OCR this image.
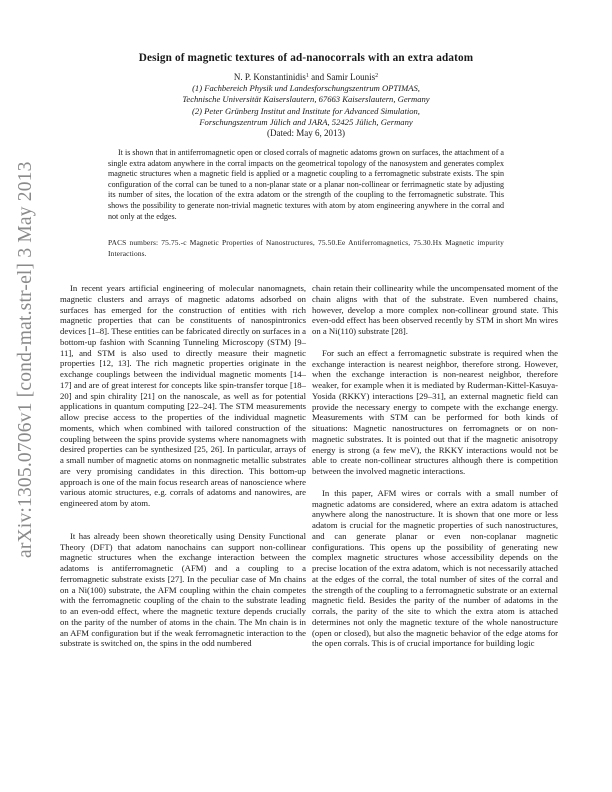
arXiv:1305.0706v1 [cond-mat.str-el] 3 May 2013
Design of magnetic textures of ad-nanocorrals with an extra adatom
N. P. Konstantinidis$^1$ and Samir Lounis$^2$
(1) Fachbereich Physik und Landesforschungszentrum OPTIMAS,
Technische Universität Kaiserslautern, 67663 Kaiserslautern, Germany
(2) Peter Grünberg Institut and Institute for Advanced Simulation,
Forschungszentrum Jülich and JARA, 52425 Jülich, Germany
(Dated: May 6, 2013)
It is shown that in antiferromagnetic open or closed corrals of magnetic adatoms grown on surfaces, the attachment of a single extra adatom anywhere in the corral impacts on the geometrical topology of the nanosystem and generates complex magnetic structures when a magnetic field is applied or a magnetic coupling to a ferromagnetic substrate exists. The spin configuration of the corral can be tuned to a non-planar state or a planar non-collinear or ferrimagnetic state by adjusting its number of sites, the location of the extra adatom or the strength of the coupling to the ferromagnetic substrate. This shows the possibility to generate non-trivial magnetic textures with atom by atom engineering anywhere in the corral and not only at the edges.
PACS numbers: 75.75.-c Magnetic Properties of Nanostructures, 75.50.Ee Antiferromagnetics, 75.30.Hx Magnetic impurity Interactions.

In recent years artificial engineering of molecular nanomagnets, magnetic clusters and arrays of magnetic adatoms adsorbed on surfaces has emerged for the construction of entities with rich magnetic properties that can be constituents of nanospintronics devices [1–8]. These entities can be fabricated directly on surfaces in a bottom-up fashion with Scanning Tunneling Microscopy (STM) [9–11], and STM is also used to directly measure their magnetic properties [12, 13]. The rich magnetic properties originate in the exchange couplings between the individual magnetic moments [14–17] and are of great interest for concepts like spin-transfer torque [18–20] and spin chirality [21] on the nanoscale, as well as for potential applications in quantum computing [22–24]. The STM measurements allow precise access to the properties of the individual magnetic moments, which when combined with tailored construction of the coupling between the spins provide systems where nanomagnets with desired properties can be synthesized [25, 26]. In particular, arrays of a small number of magnetic atoms on nonmagnetic metallic substrates are very promising candidates in this direction. This bottom-up approach is one of the main focus research areas of nanoscience where various atomic structures, e.g. corrals of adatoms and nanowires, are engineered atom by atom.

It has already been shown theoretically using Density Functional Theory (DFT) that adatom nanochains can support non-collinear magnetic structures when the exchange interaction between the adatoms is antiferromagnetic (AFM) and a coupling to a ferromagnetic substrate exists [27]. In the peculiar case of Mn chains on a Ni(100) substrate, the AFM coupling within the chain competes with the ferromagnetic coupling of the chain to the substrate leading to an even-odd effect, where the magnetic texture depends crucially on the parity of the number of atoms in the chain. The Mn chain is in an AFM configuration but if the weak ferromagnetic interaction to the substrate is switched on, the spins in the odd numbered

chain retain their collinearity while the uncompensated moment of the chain aligns with that of the substrate. Even numbered chains, however, develop a more complex non-collinear ground state. This even-odd effect has been observed recently by STM in short Mn wires on a Ni(110) substrate [28].

For such an effect a ferromagnetic substrate is required when the exchange interaction is nearest neighbor, therefore strong. However, when the exchange interaction is non-nearest neighbor, therefore weaker, for example when it is mediated by Ruderman-Kittel-Kasuya-Yosida (RKKY) interactions [29–31], an external magnetic field can provide the necessary energy to compete with the exchange energy. Measurements with STM can be performed for both kinds of situations: Magnetic nanostructures on ferromagnets or on non-magnetic substrates. It is pointed out that if the magnetic anisotropy energy is strong (a few meV), the RKKY interactions would not be able to create non-collinear structures although there is competition between the involved magnetic interactions.

In this paper, AFM wires or corrals with a small number of magnetic adatoms are considered, where an extra adatom is attached anywhere along the nanostructure. It is shown that one more or less adatom is crucial for the magnetic properties of such nanostructures, and can generate planar or even non-coplanar magnetic configurations. This opens up the possibility of generating new complex magnetic structures whose accessibility depends on the precise location of the extra adatom, which is not necessarily attached at the edges of the corral, the total number of sites of the corral and the strength of the coupling to a ferromagnetic substrate or an external magnetic field. Besides the parity of the number of adatoms in the corrals, the parity of the site to which the extra atom is attached determines not only the magnetic texture of the whole nanostructure (open or closed), but also the magnetic behavior of the edge atoms for the open corrals. This is of crucial importance for building logic
